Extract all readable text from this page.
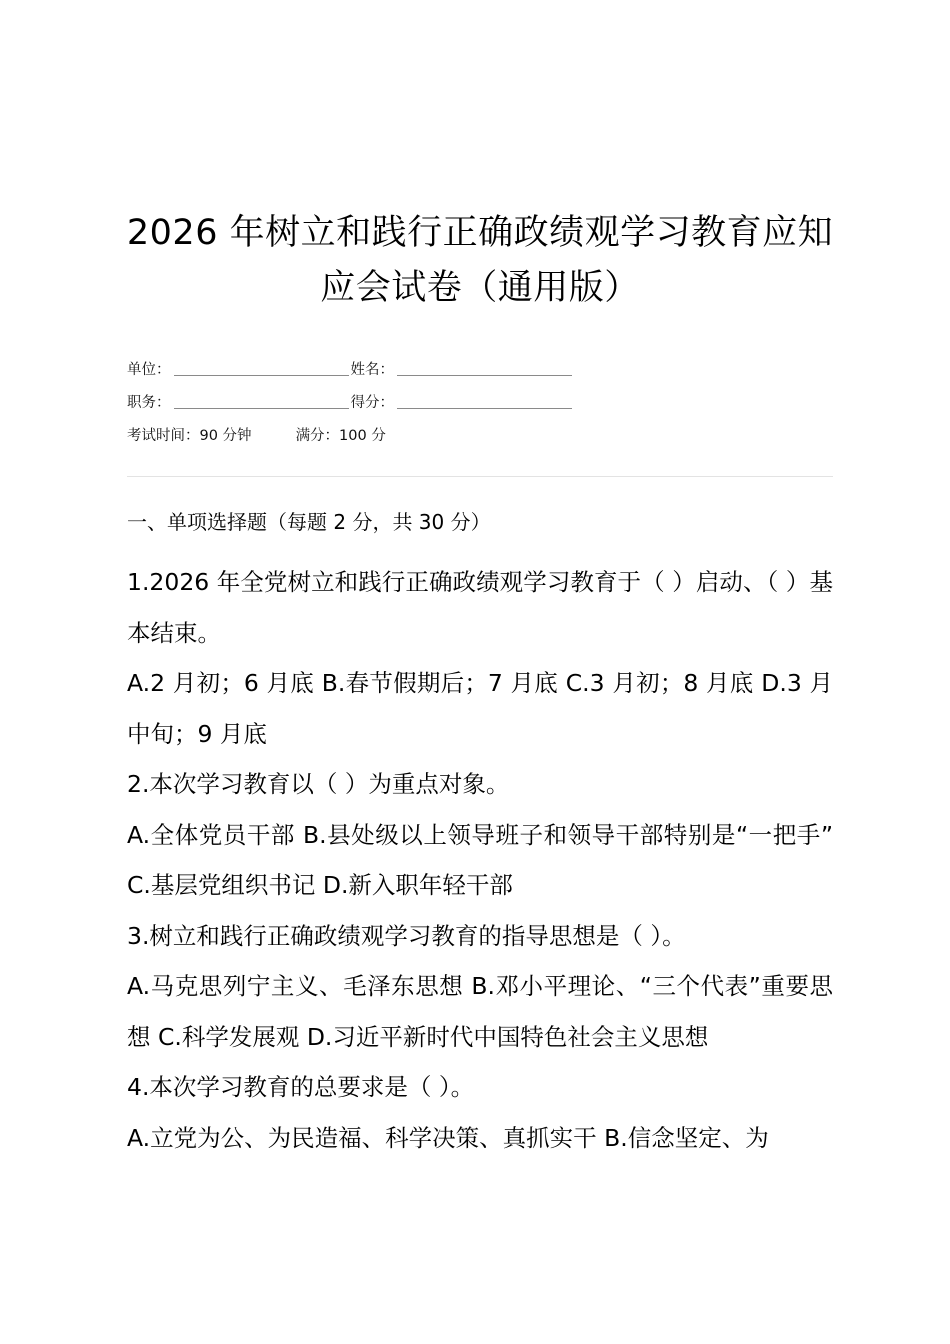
2026 年树立和践行正确政绩观学习教育应知
应会试卷（通用版）
单位：	姓名：
职务：	得分：
考试时间：90 分钟	满分：100 分
一、单项选择题（每题 2 分，共 30 分）

1.2026 年全党树立和践行正确政绩观学习教育于（ ）启动、（ ）基本结束。

A.2 月初；6 月底 B.春节假期后；7 月底 C.3 月初；8 月底 D.3 月中旬；9 月底

2.本次学习教育以（ ）为重点对象。

A.全体党员干部 B.县处级以上领导班子和领导干部特别是“一把手” C.基层党组织书记 D.新入职年轻干部

3.树立和践行正确政绩观学习教育的指导思想是（ ）。

A.马克思列宁主义、毛泽东思想 B.邓小平理论、“三个代表”重要思想 C.科学发展观 D.习近平新时代中国特色社会主义思想

4.本次学习教育的总要求是（ ）。

A.立党为公、为民造福、科学决策、真抓实干 B.信念坚定、为
